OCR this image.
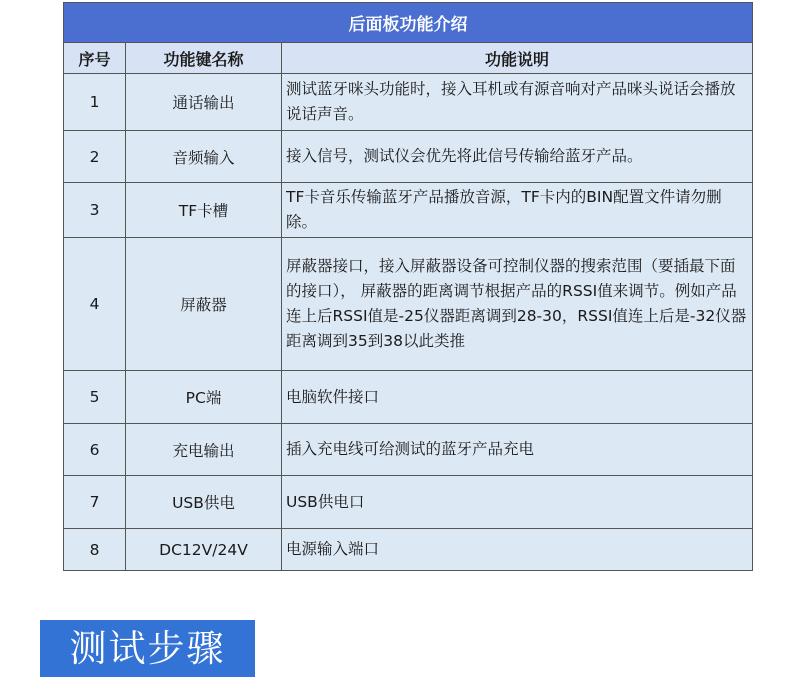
后面板功能介绍		
序号	功能键名称	功能说明
1	通话输出	测试蓝牙咪头功能时，接入耳机或有源音响对产品咪头说话会播放说话声音。
2	音频输入	接入信号，测试仪会优先将此信号传输给蓝牙产品。
3	TF卡槽	TF卡音乐传输蓝牙产品播放音源，TF卡内的BIN配置文件请勿删除。
4	屏蔽器	屏蔽器接口，接入屏蔽器设备可控制仪器的搜索范围（要插最下面的接口）， 屏蔽器的距离调节根据产品的RSSI值来调节。例如产品连上后RSSI值是-25仪器距离调到28-30，RSSI值连上后是-32仪器距离调到35到38以此类推
5	PC端	电脑软件接口
6	充电输出	插入充电线可给测试的蓝牙产品充电
7	USB供电	USB供电口
8	DC12V/24V	电源输入端口
测试步骤
